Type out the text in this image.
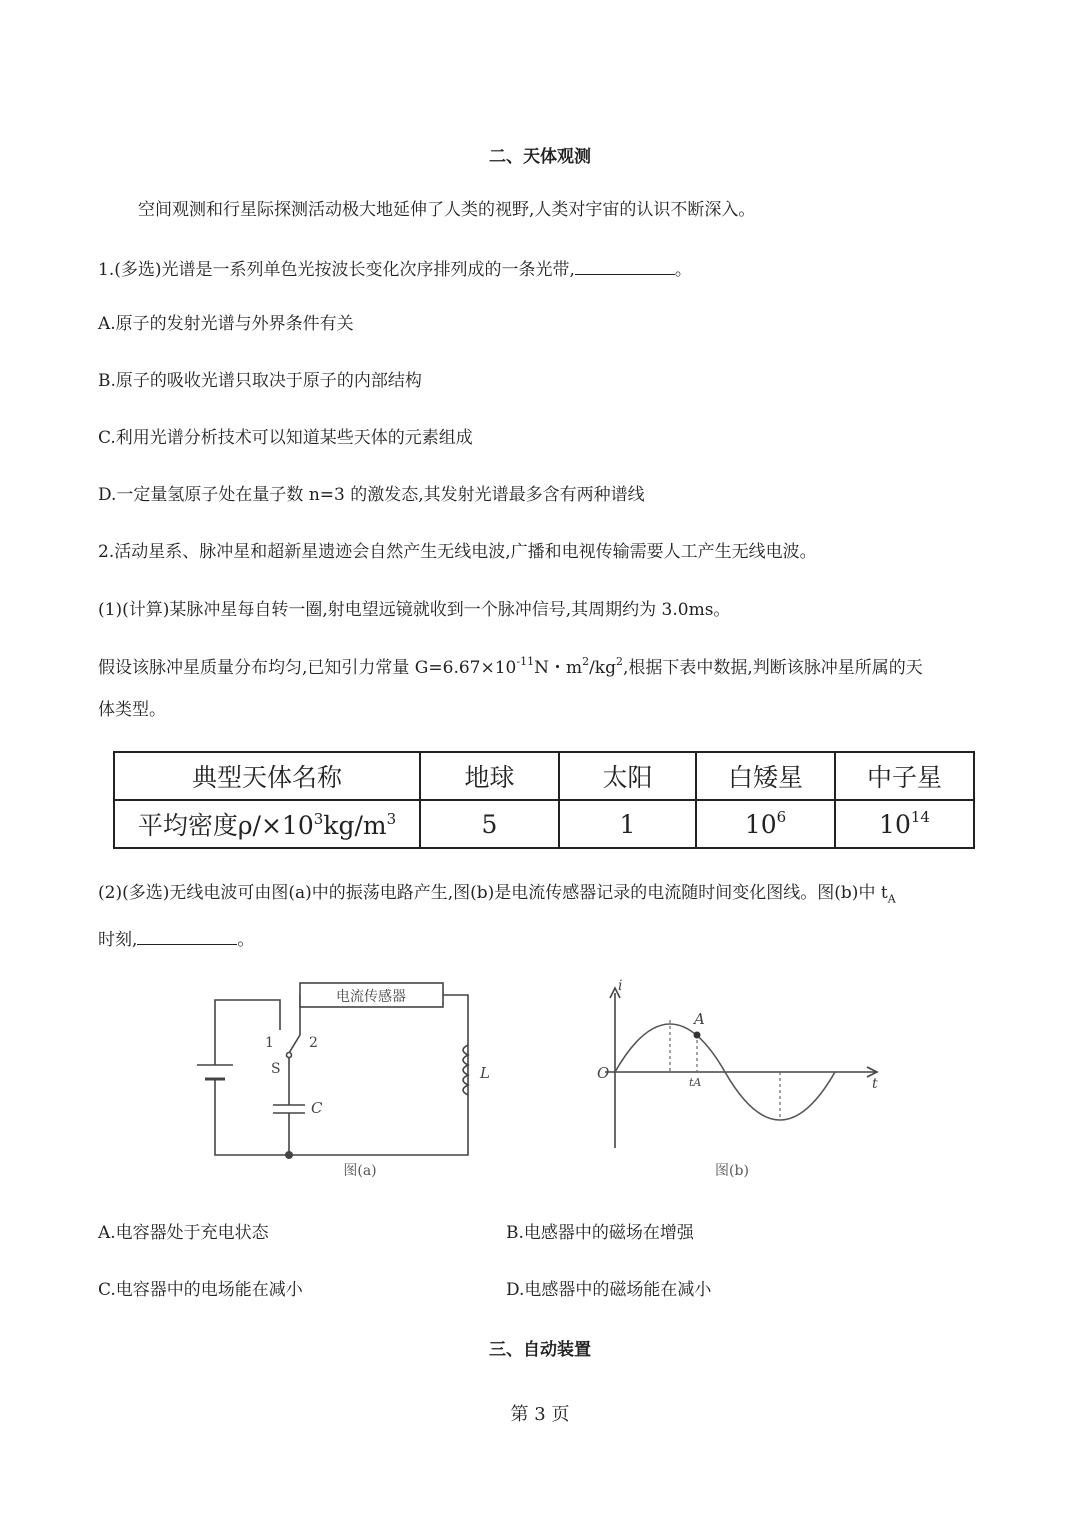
二、天体观测
空间观测和行星际探测活动极大地延伸了人类的视野,人类对宇宙的认识不断深入。
1.(多选)光谱是一系列单色光按波长变化次序排列成的一条光带,	。
A.原子的发射光谱与外界条件有关
B.原子的吸收光谱只取决于原子的内部结构
C.利用光谱分析技术可以知道某些天体的元素组成
D.一定量氢原子处在量子数 n=3 的激发态,其发射光谱最多含有两种谱线
2.活动星系、脉冲星和超新星遗迹会自然产生无线电波,广播和电视传输需要人工产生无线电波。
(1)(计算)某脉冲星每自转一圈,射电望远镜就收到一个脉冲信号,其周期约为 3.0ms。
假设该脉冲星质量分布均匀,已知引力常量 $G=6.67\times 10^{-11}N$・$m^2/kg^2$,根据下表中数据,判断该脉冲星所属的天
体类型。
典型天体名称	地球	太阳	白矮星	中子星
平均密度$\rho/\times 10^3kg/m^3$	5	1	$10^6$	$10^{14}$
(2)(多选)无线电波可由图(a)中的振荡电路产生,图(b)是电流传感器记录的电流随时间变化图线。图(b)中 $t_A$
时刻,	。
电流传感器
1	2
S
C
L
图(a)
i
t
O
A
tA
图(b)
A.电容器处于充电状态	B.电感器中的磁场在增强
C.电容器中的电场能在减小	D.电感器中的磁场能在减小
三、自动装置
第 3 页
